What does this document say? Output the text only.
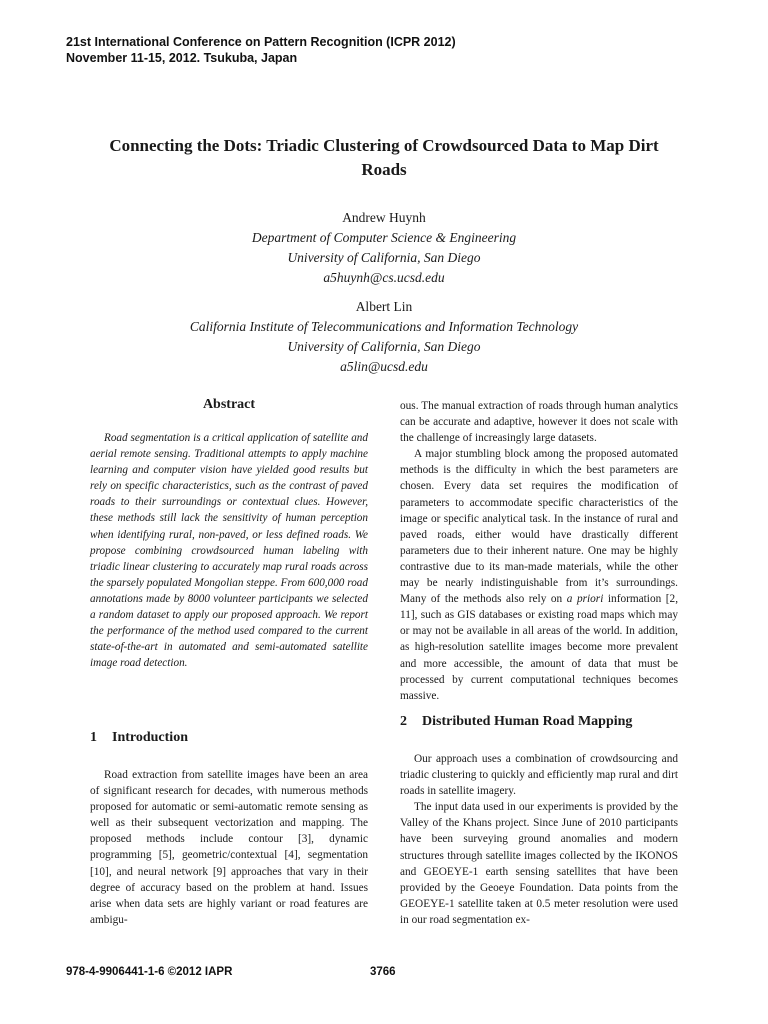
21st International Conference on Pattern Recognition (ICPR 2012)
November 11-15, 2012. Tsukuba, Japan
Connecting the Dots: Triadic Clustering of Crowdsourced Data to Map Dirt
Roads
Andrew Huynh
Department of Computer Science & Engineering
University of California, San Diego
a5huynh@cs.ucsd.edu
Albert Lin
California Institute of Telecommunications and Information Technology
University of California, San Diego
a5lin@ucsd.edu
Abstract

Road segmentation is a critical application of satellite and aerial remote sensing. Traditional attempts to apply machine learning and computer vision have yielded good results but rely on specific characteristics, such as the contrast of paved roads to their surroundings or contextual clues. However, these methods still lack the sensitivity of human perception when identifying rural, non-paved, or less defined roads. We propose combining crowdsourced human labeling with triadic linear clustering to accurately map rural roads across the sparsely populated Mongolian steppe. From 600,000 road annotations made by 8000 volunteer participants we selected a random dataset to apply our proposed approach. We report the performance of the method used compared to the current state-of-the-art in automated and semi-automated satellite image road detection.

1 Introduction

Road extraction from satellite images have been an area of significant research for decades, with numerous methods proposed for automatic or semi-automatic remote sensing as well as their subsequent vectorization and mapping. The proposed methods include contour [3], dynamic programming [5], geometric/contextual [4], segmentation [10], and neural network [9] approaches that vary in their degree of accuracy based on the problem at hand. Issues arise when data sets are highly variant or road features are ambigu-

ous. The manual extraction of roads through human analytics can be accurate and adaptive, however it does not scale with the challenge of increasingly large datasets.

A major stumbling block among the proposed automated methods is the difficulty in which the best parameters are chosen. Every data set requires the modification of parameters to accommodate specific characteristics of the image or specific analytical task. In the instance of rural and paved roads, either would have drastically different parameters due to their inherent nature. One may be highly contrastive due to its man-made materials, while the other may be nearly indistinguishable from it’s surroundings. Many of the methods also rely on a priori information [2, 11], such as GIS databases or existing road maps which may or may not be available in all areas of the world. In addition, as high-resolution satellite images become more prevalent and more accessible, the amount of data that must be processed by current computational techniques becomes massive.

2 Distributed Human Road Mapping

Our approach uses a combination of crowdsourcing and triadic clustering to quickly and efficiently map rural and dirt roads in satellite imagery.

The input data used in our experiments is provided by the Valley of the Khans project. Since June of 2010 participants have been surveying ground anomalies and modern structures through satellite images collected by the IKONOS and GEOEYE-1 earth sensing satellites that have been provided by the Geoeye Foundation. Data points from the GEOEYE-1 satellite taken at 0.5 meter resolution were used in our road segmentation ex-

978-4-9906441-1-6 ©2012 IAPR	3766
